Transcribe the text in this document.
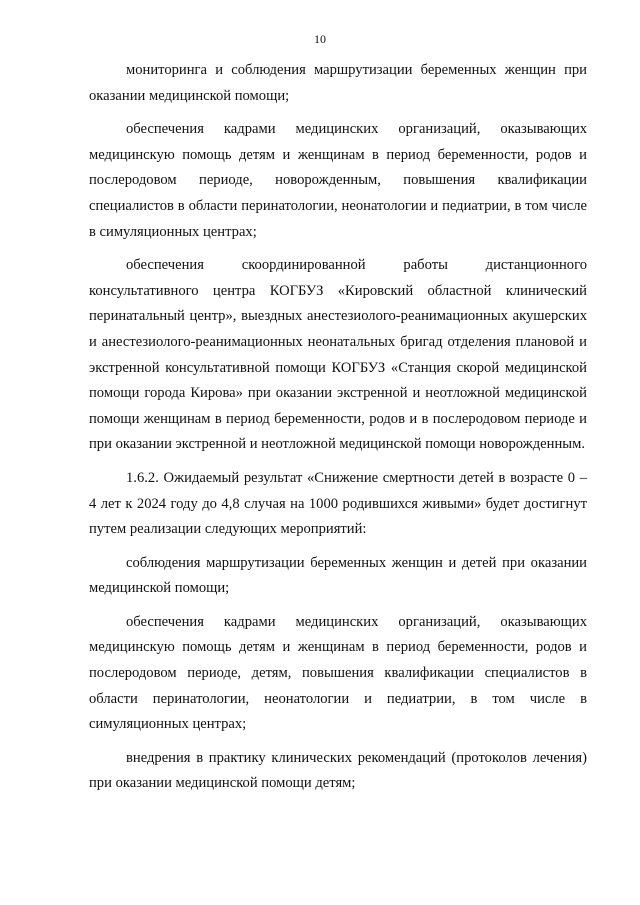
10

мониторинга и соблюдения маршрутизации беременных женщин при оказании медицинской помощи;

обеспечения кадрами медицинских организаций, оказывающих медицинскую помощь детям и женщинам в период беременности, родов и послеродовом периоде, новорожденным, повышения квалификации специалистов в области перинатологии, неонатологии и педиатрии, в том числе в симуляционных центрах;

обеспечения скоординированной работы дистанционного консультативного центра КОГБУЗ «Кировский областной клинический перинатальный центр», выездных анестезиолого-реанимационных акушерских и анестезиолого-реанимационных неонатальных бригад отделения плановой и экстренной консультативной помощи КОГБУЗ «Станция скорой медицинской помощи города Кирова» при оказании экстренной и неотложной медицинской помощи женщинам в период беременности, родов и в послеродовом периоде и при оказании экстренной и неотложной медицинской помощи новорожденным.

1.6.2. Ожидаемый результат «Снижение смертности детей в возрасте 0 – 4 лет к 2024 году до 4,8 случая на 1000 родившихся живыми» будет достигнут путем реализации следующих мероприятий:

соблюдения маршрутизации беременных женщин и детей при оказании медицинской помощи;

обеспечения кадрами медицинских организаций, оказывающих медицинскую помощь детям и женщинам в период беременности, родов и послеродовом периоде, детям, повышения квалификации специалистов в области перинатологии, неонатологии и педиатрии, в том числе в симуляционных центрах;

внедрения в практику клинических рекомендаций (протоколов лечения) при оказании медицинской помощи детям;
